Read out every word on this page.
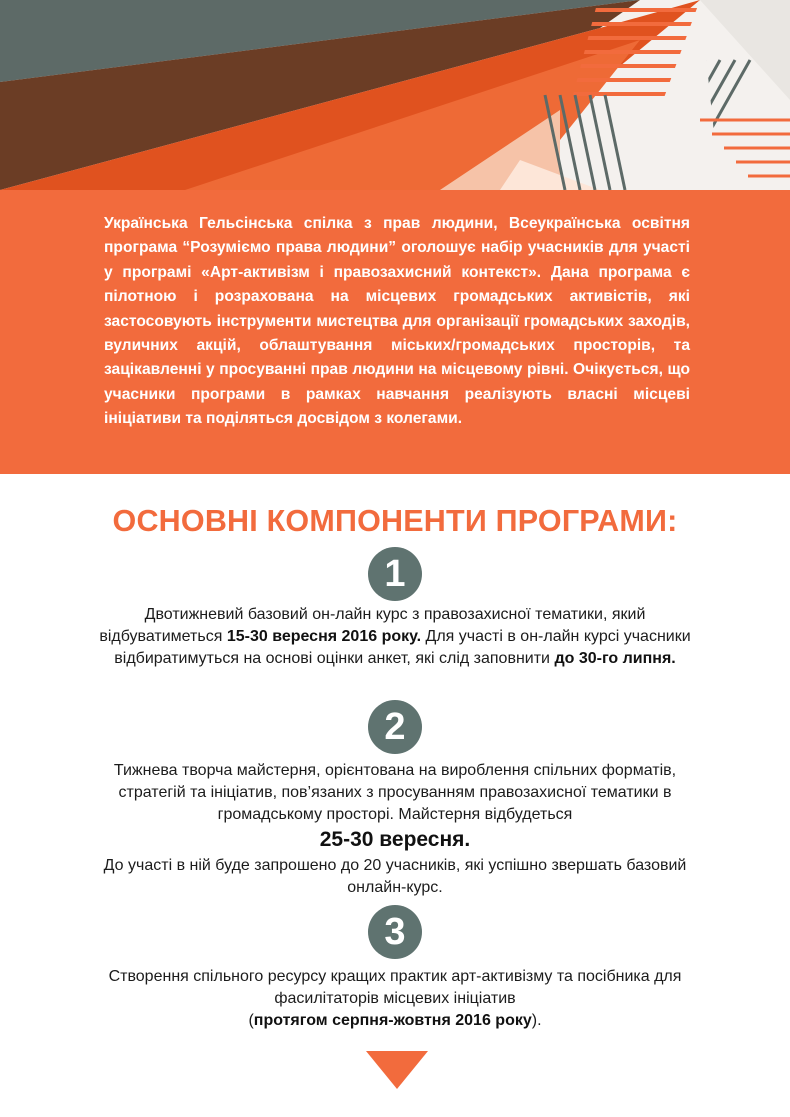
Українська Гельсінська спілка з прав людини, Всеукраїнська освітня програма “Розуміємо права людини” оголошує набір учасників для участі у програмі «Арт-активізм і правозахисний контекст». Дана програма є пілотною і розрахована на місцевих громадських активістів, які застосовують інструменти мистецтва для організації громадських заходів, вуличних акцій, облаштування міських/громадських просторів, та зацікавленні у просуванні прав людини на місцевому рівні. Очікується, що учасники програми в рамках навчання реалізують власні місцеві ініціативи та поділяться досвідом з колегами.

ОСНОВНІ КОМПОНЕНТИ ПРОГРАМИ:
1

Двотижневий базовий он-лайн курс з правозахисної тематики, який відбуватиметься 15-30 вересня 2016 року. Для участі в он-лайн курсі учасники відбиратимуться на основі оцінки анкет, які слід заповнити до 30-го липня.

2

Тижнева творча майстерня, орієнтована на вироблення спільних форматів, стратегій та ініціатив, пов’язаних з просуванням правозахисної тематики в громадському просторі. Майстерня відбудеться

25-30 вересня.

До участі в ній буде запрошено до 20 учасників, які успішно звершать базовий онлайн-курс.

3

Створення спільного ресурсу кращих практик арт-активізму та посібника для фасилітаторів місцевих ініціатив
(протягом серпня-жовтня 2016 року).
